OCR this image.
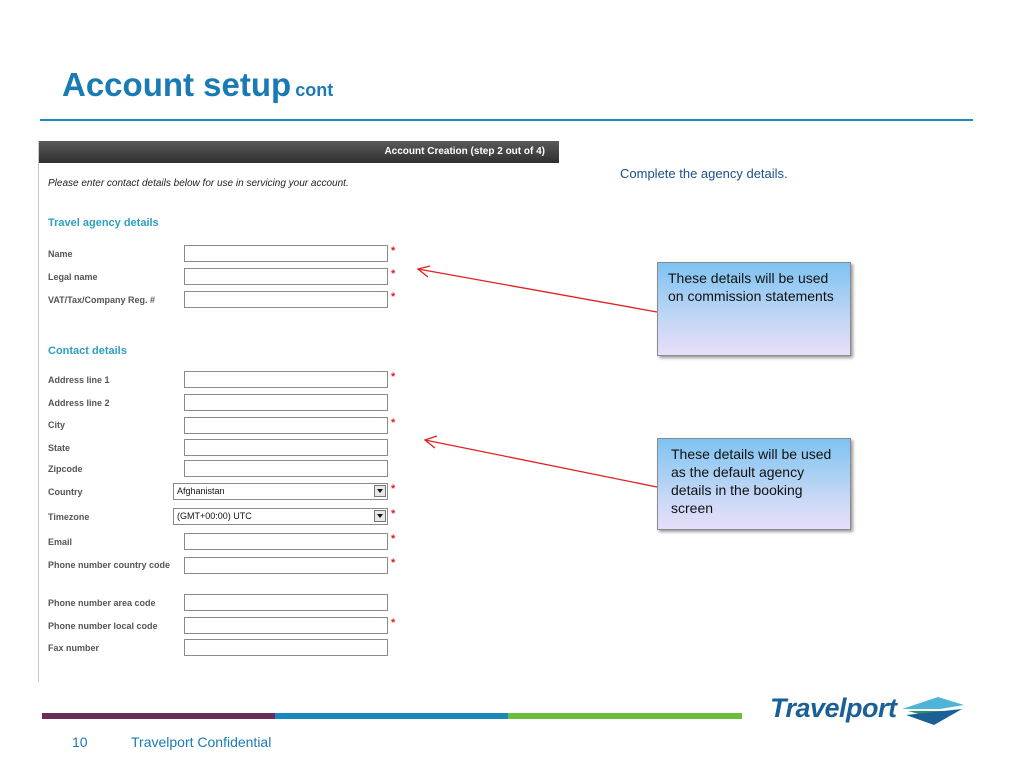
Account setup cont
Account Creation (step 2 out of 4)
Please enter contact details below for use in servicing your account.
Travel agency details
Name	*
Legal name	*
VAT/Tax/Company Reg. #	*
Contact details
Address line 1	*
Address line 2
City	*
State
Zipcode
Country	Afghanistan	*
Timezone	(GMT+00:00) UTC	*
Email	*
Phone number country code	*
Phone number area code
Phone number local code	*
Fax number
Complete the agency details.
These details will be used on commission statements
These details will be used as the default agency details in the booking screen
10	Travelport Confidential
Travelport
